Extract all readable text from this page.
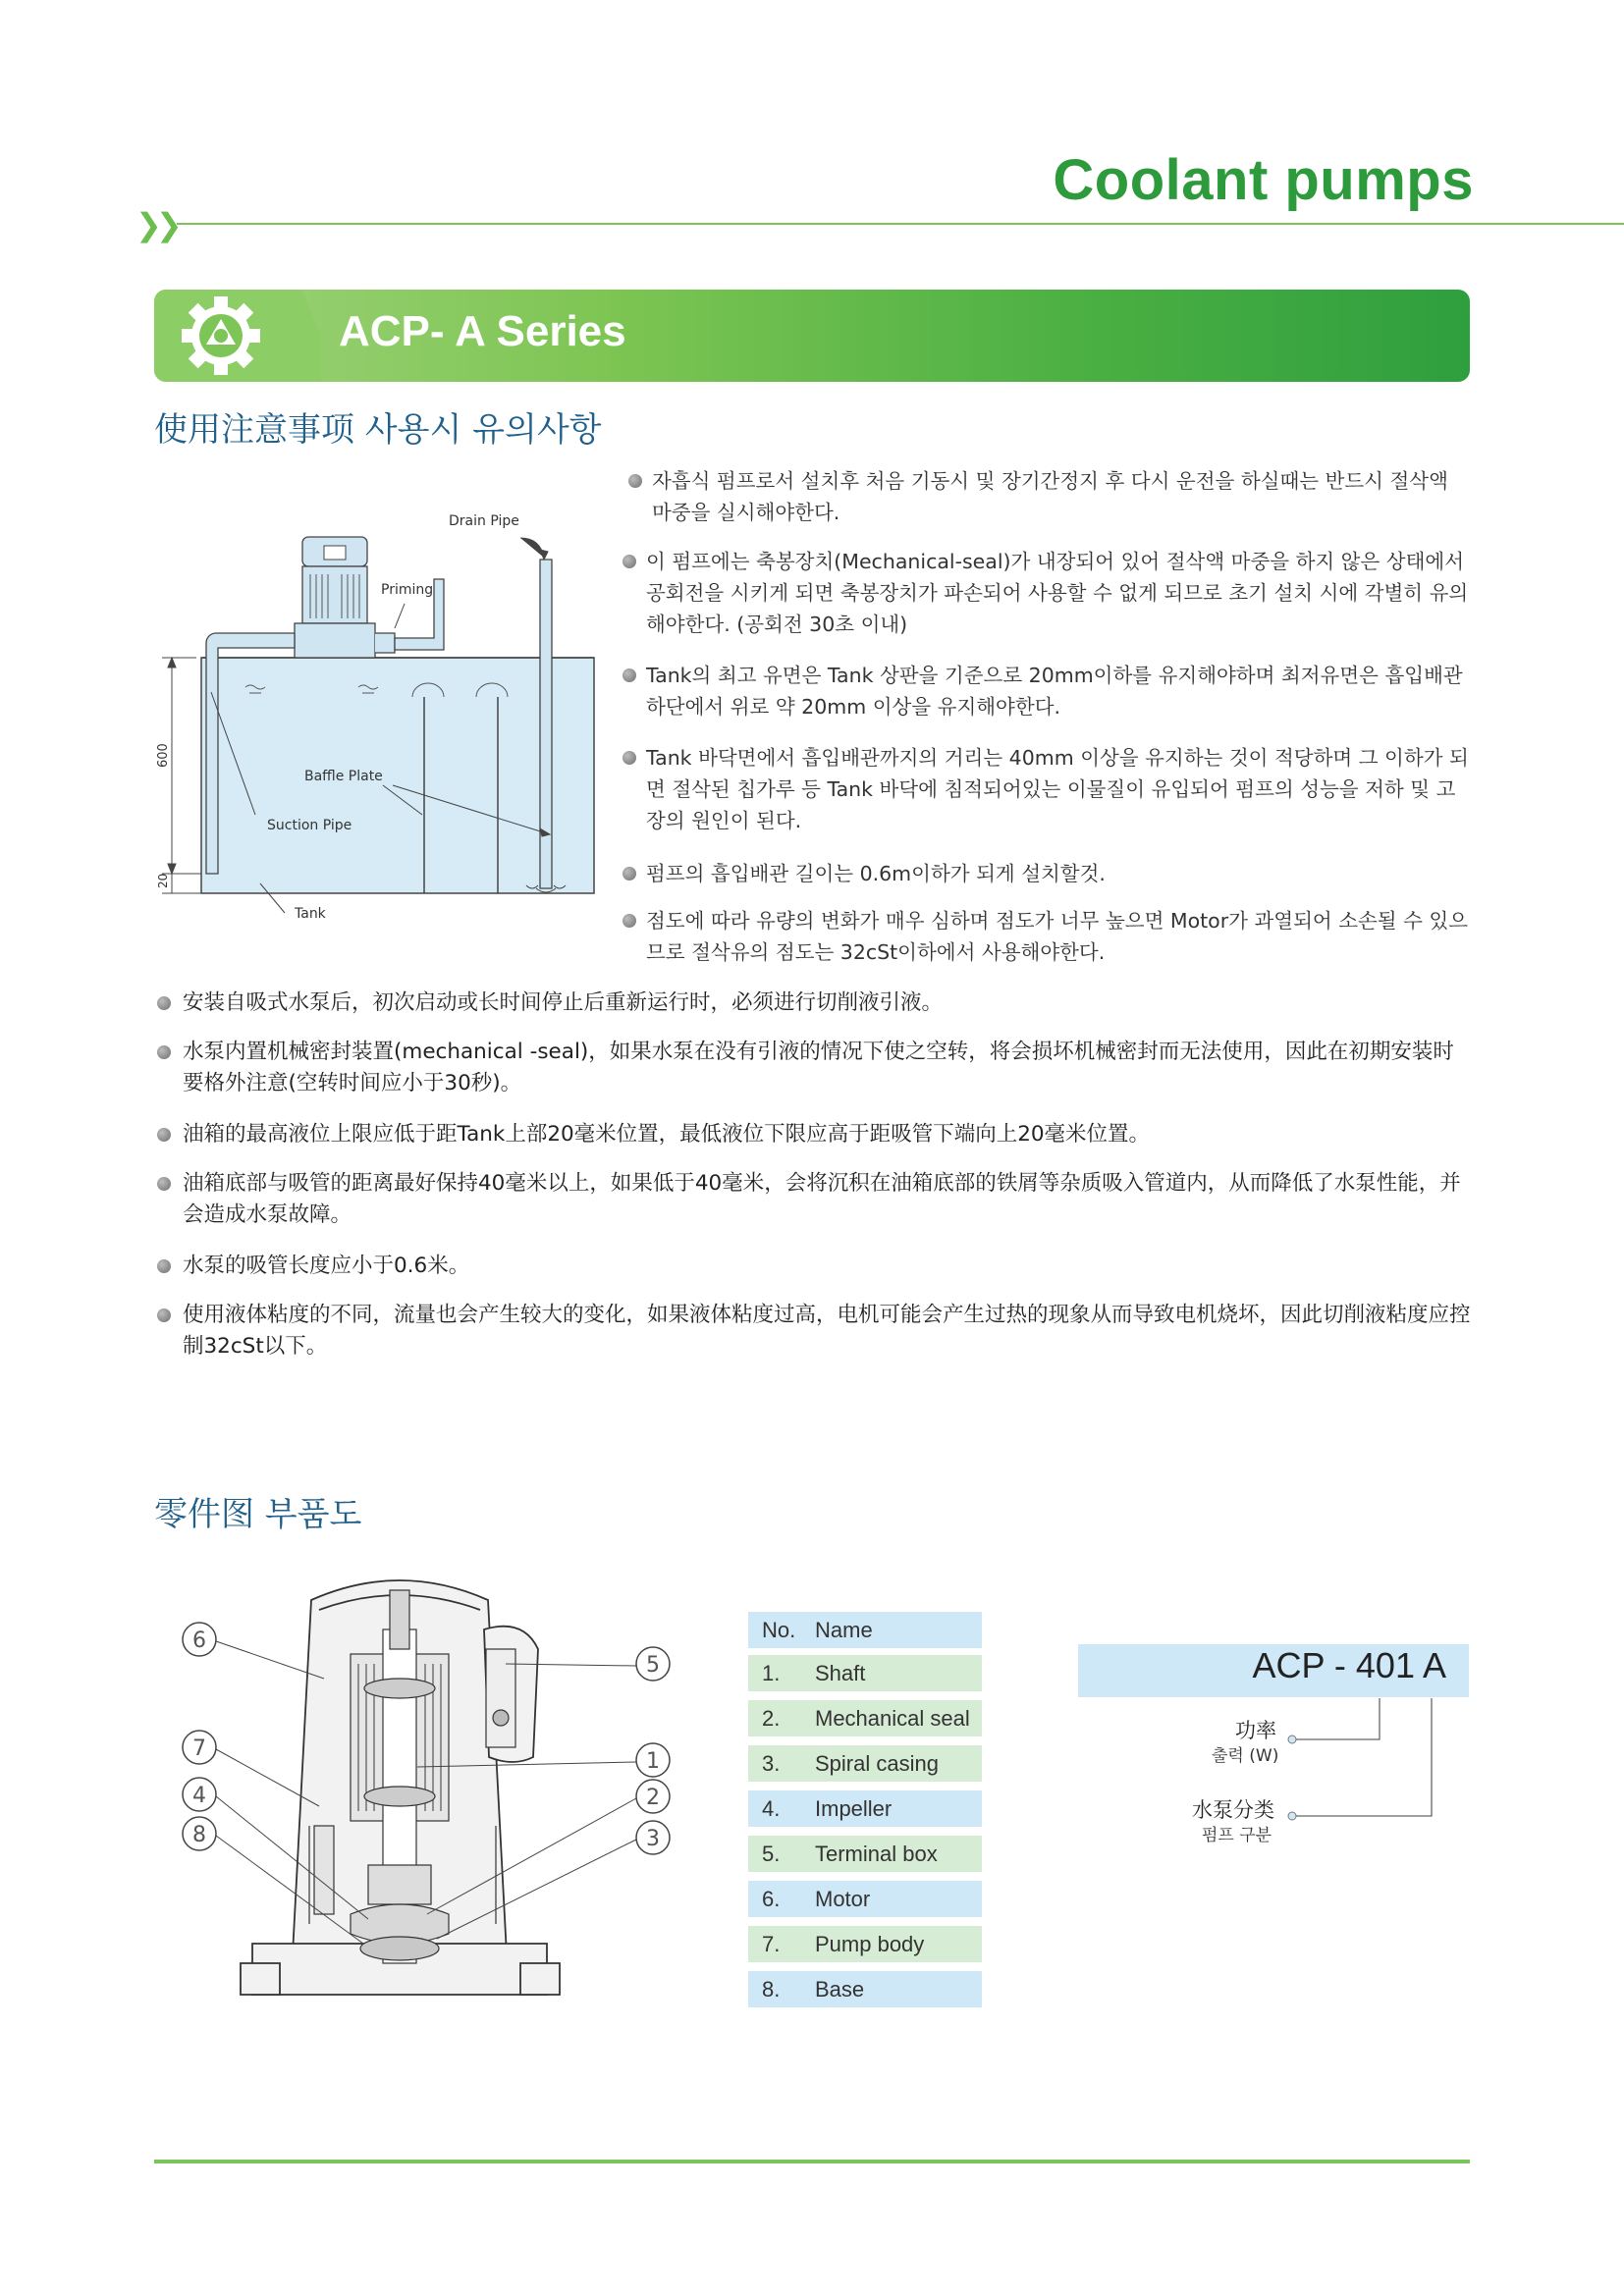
❯❯
Coolant pumps
ACP- A Series
使用注意事项 사용시 유의사항
600
20
Drain Pipe
Priming
Baffle Plate
Suction Pipe
Tank
자흡식 펌프로서 설치후 처음 기동시 및 장기간정지 후 다시 운전을 하실때는 반드시 절삭액 마중을 실시해야한다.
이 펌프에는 축봉장치(Mechanical-seal)가 내장되어 있어 절삭액 마중을 하지 않은 상태에서 공회전을 시키게 되면 축봉장치가 파손되어 사용할 수 없게 되므로 초기 설치 시에 각별히 유의해야한다. (공회전 30초 이내)
Tank의 최고 유면은 Tank 상판을 기준으로 20mm이하를 유지해야하며 최저유면은 흡입배관 하단에서 위로 약 20mm 이상을 유지해야한다.
Tank 바닥면에서 흡입배관까지의 거리는 40mm 이상을 유지하는 것이 적당하며 그 이하가 되면 절삭된 칩가루 등 Tank 바닥에 침적되어있는 이물질이 유입되어 펌프의 성능을 저하 및 고장의 원인이 된다.
펌프의 흡입배관 길이는 0.6m이하가 되게 설치할것.
점도에 따라 유량의 변화가 매우 심하며 점도가 너무 높으면 Motor가 과열되어 소손될 수 있으므로 절삭유의 점도는 32cSt이하에서 사용해야한다.
安装自吸式水泵后，初次启动或长时间停止后重新运行时，必须进行切削液引液。
水泵内置机械密封装置(mechanical -seal)，如果水泵在没有引液的情况下使之空转，将会损坏机械密封而无法使用，因此在初期安装时要格外注意(空转时间应小于30秒)。
油箱的最高液位上限应低于距Tank上部20毫米位置，最低液位下限应高于距吸管下端向上20毫米位置。
油箱底部与吸管的距离最好保持40毫米以上，如果低于40毫米，会将沉积在油箱底部的铁屑等杂质吸入管道内，从而降低了水泵性能，并会造成水泵故障。
水泵的吸管长度应小于0.6米。
使用液体粘度的不同，流量也会产生较大的变化，如果液体粘度过高，电机可能会产生过热的现象从而导致电机烧坏，因此切削液粘度应控制32cSt以下。
零件图 부품도
6
5
7
1
4	2
8	3
No. Name
1. Shaft
2. Mechanical seal
3. Spiral casing
4. Impeller
5. Terminal box
6. Motor
7. Pump body
8. Base
ACP - 401 A
功率
출력 (W)
水泵分类
펌프 구분
